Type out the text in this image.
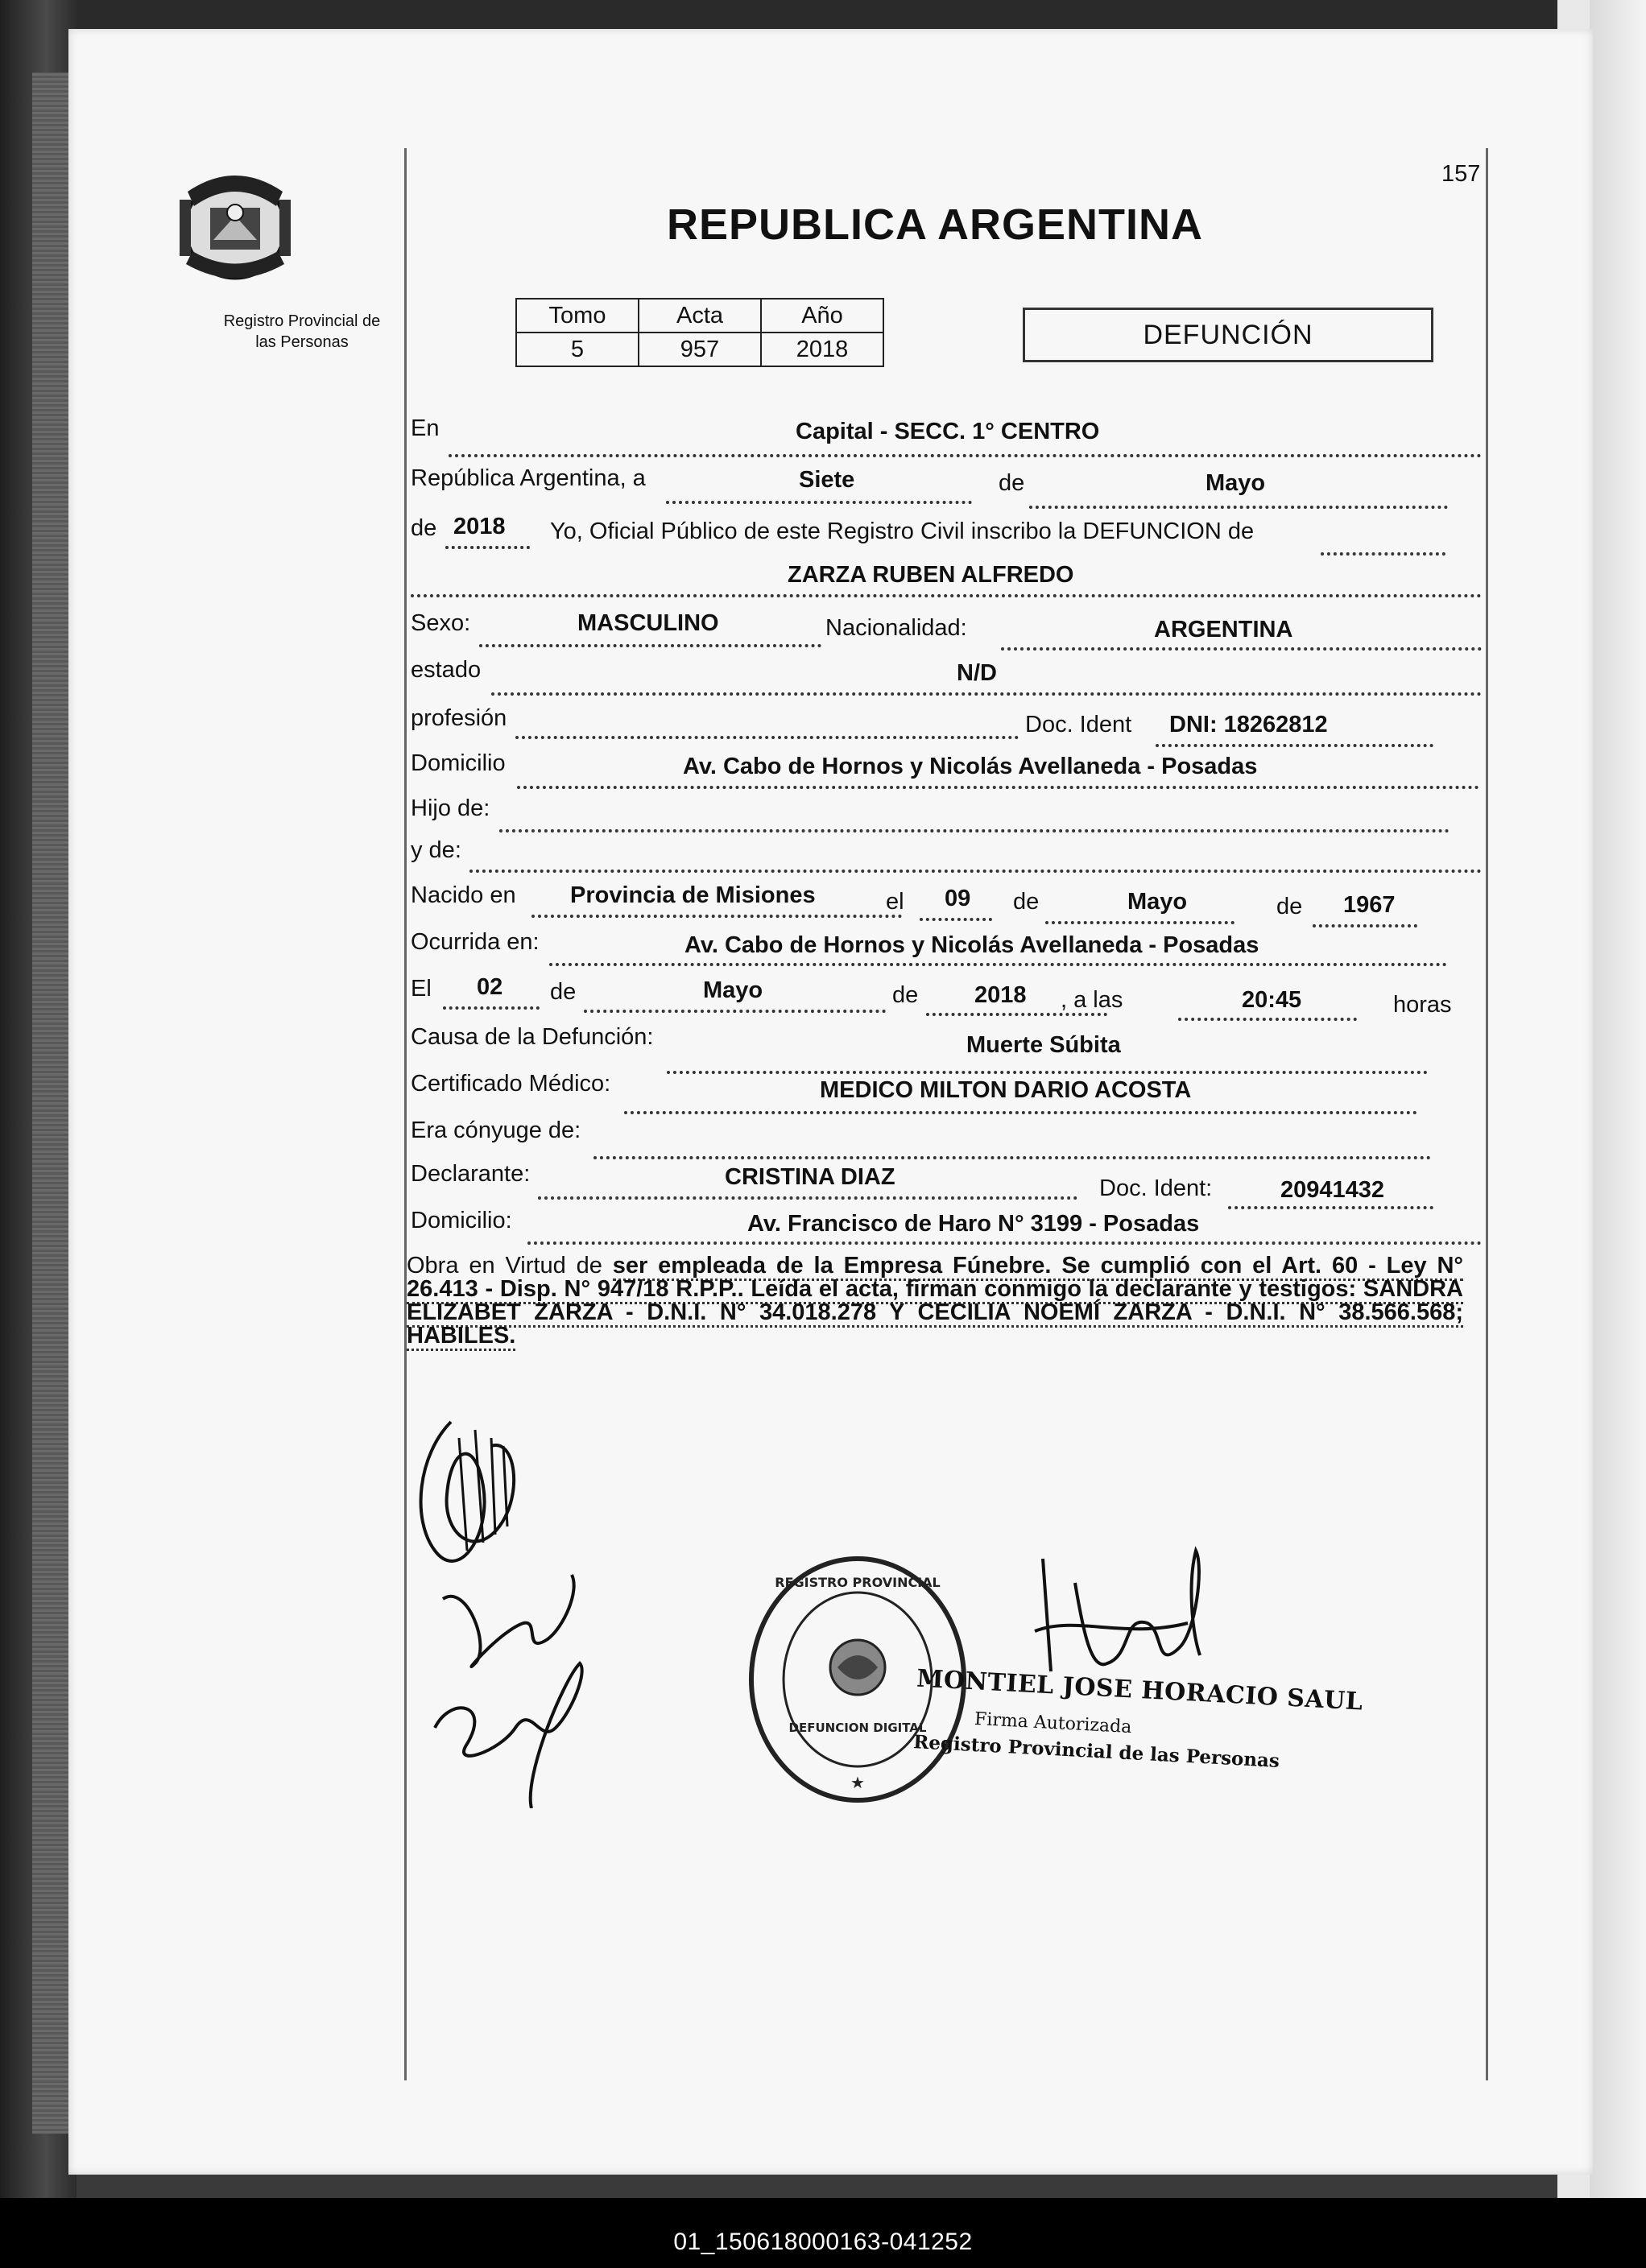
01_150618000163-041252
Registro Provincial de
las Personas
157
REPUBLICA ARGENTINA
Tomo	Acta	Año
5	957	2018	DEFUNCIÓN
En	Capital - SECC. 1° CENTRO
República Argentina, a	Siete	de	Mayo
de 2018 Yo, Oficial Público de este Registro Civil inscribo la DEFUNCION de
ZARZA RUBEN ALFREDO
Sexo:	MASCULINO	Nacionalidad:	ARGENTINA
estado	N/D
profesión	Doc. Ident DNI: 18262812
Domicilio	Av. Cabo de Hornos y Nicolás Avellaneda - Posadas
Hijo de:
y de:
Nacido en Provincia de Misiones	el 09 de	Mayo	de 1967
Ocurrida en:	Av. Cabo de Hornos y Nicolás Avellaneda - Posadas
El 02 de	Mayo	de 2018 , a las	20:45	horas
Causa de la Defunción:	Muerte Súbita
Certificado Médico:	MEDICO MILTON DARIO ACOSTA
Era cónyuge de:
Declarante:	CRISTINA DIAZ	Doc. Ident:	20941432
Domicilio:	Av. Francisco de Haro N° 3199 - Posadas
Obra en Virtud de ser empleada de la Empresa Fúnebre. Se cumplió con el Art. 60 - Ley N° 26.413 - Disp. N° 947/18 R.P.P.. Leída el acta, firman conmigo la declarante y testigos: SANDRA ELIZABET ZARZA - D.N.I. N° 34.018.278 Y CECILIA NOEMÍ ZARZA - D.N.I. N° 38.566.568; HABILES.
REGISTRO PROVINCIAL
DEFUNCION DIGITAL
★
MONTIEL JOSE HORACIO SAUL
Firma Autorizada
Registro Provincial de las Personas
